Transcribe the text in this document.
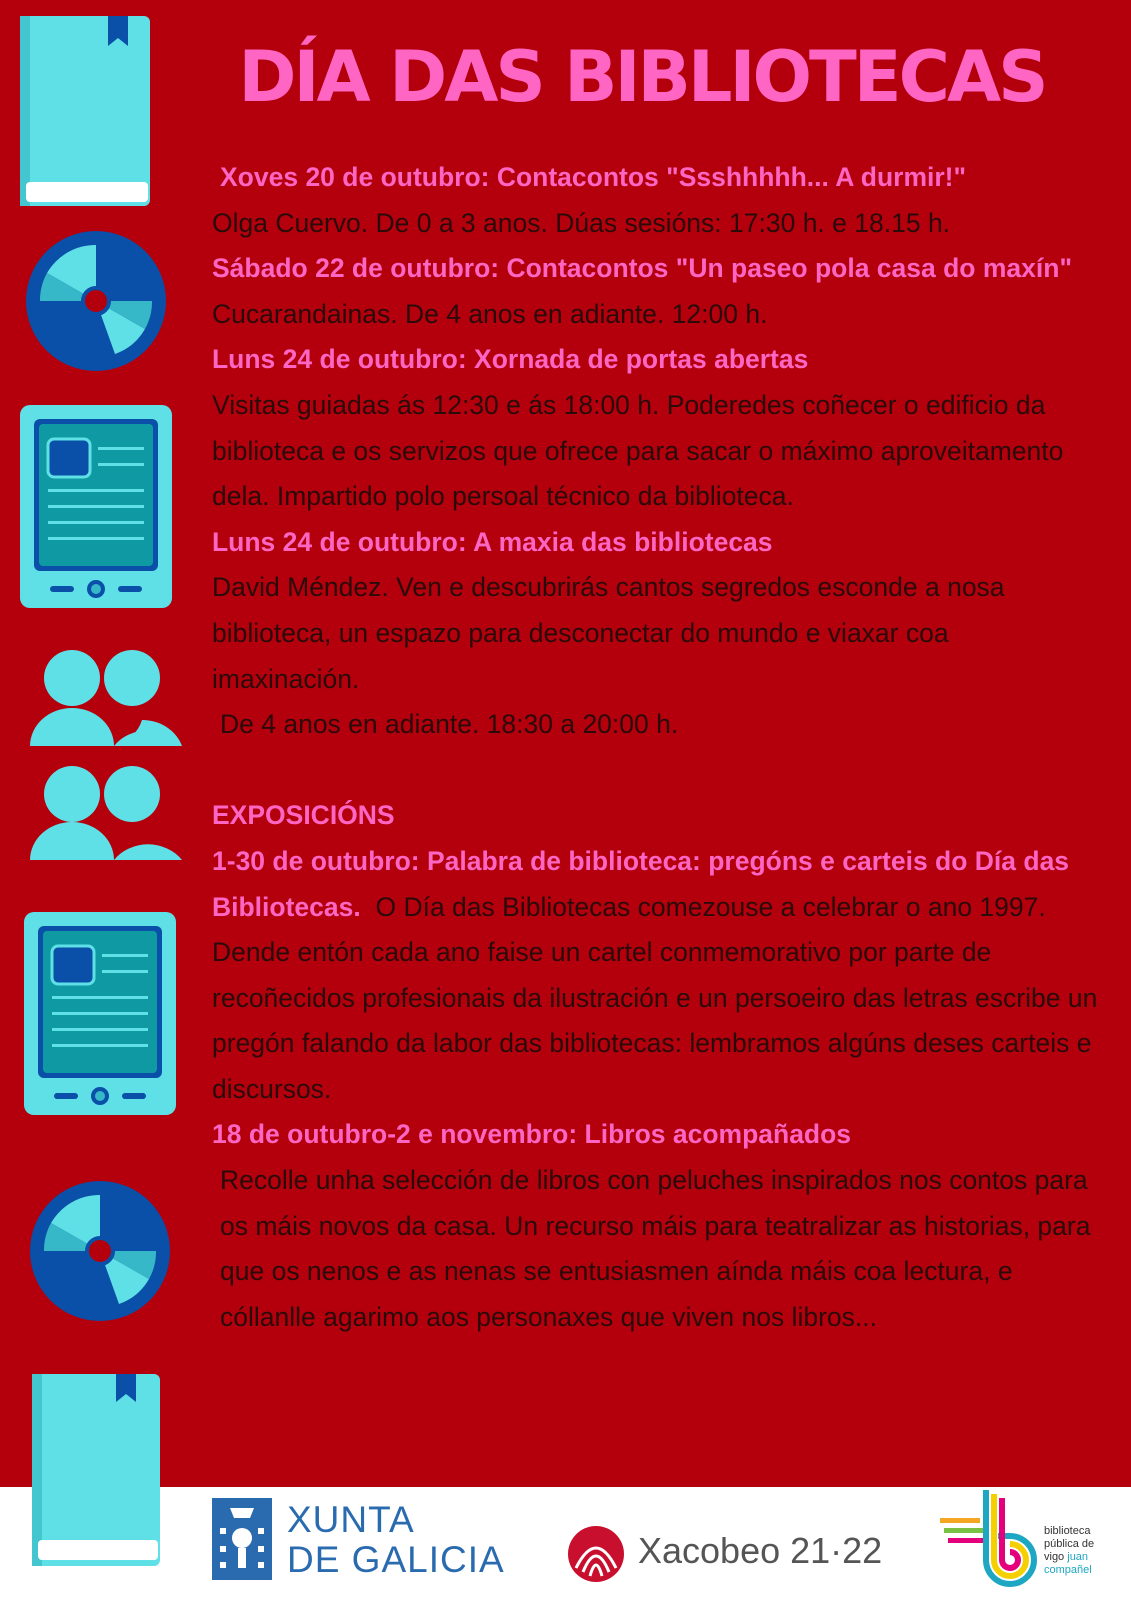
DÍA DAS BIBLIOTECAS

Xoves 20 de outubro: Contacontos "Ssshhhhh... A durmir!"

Olga Cuervo. De 0 a 3 anos. Dúas sesións: 17:30 h. e 18.15 h.

Sábado 22 de outubro: Contacontos "Un paseo pola casa do maxín"

Cucarandainas. De 4 anos en adiante. 12:00 h.

Luns 24 de outubro: Xornada de portas abertas

Visitas guiadas ás 12:30 e ás 18:00 h. Poderedes coñecer o edificio da biblioteca e os servizos que ofrece para sacar o máximo aproveitamento dela. Impartido polo persoal técnico da biblioteca.

Luns 24 de outubro: A maxia das bibliotecas

David Méndez. Ven e descubrirás cantos segredos esconde a nosa biblioteca, un espazo para desconectar do mundo e viaxar coa imaxinación.

De 4 anos en adiante. 18:30 a 20:00 h.

EXPOSICIÓNS

1-30 de outubro: Palabra de biblioteca: pregóns e carteis do Día das Bibliotecas. O Día das Bibliotecas comezouse a celebrar o ano 1997. Dende entón cada ano faise un cartel conmemorativo por parte de recoñecidos profesionais da ilustración e un persoeiro das letras escribe un pregón falando da labor das bibliotecas: lembramos algúns deses carteis e discursos.

18 de outubro-2 e novembro: Libros acompañados

Recolle unha selección de libros con peluches inspirados nos contos para os máis novos da casa. Un recurso máis para teatralizar as historias, para que os nenos e as nenas se entusiasmen aínda máis coa lectura, e cóllanlle agarimo aos personaxes que viven nos libros...

XUNTA
DE GALICIA	Xacobeo 21·22	biblioteca
pública de
vigo juan
compañel
